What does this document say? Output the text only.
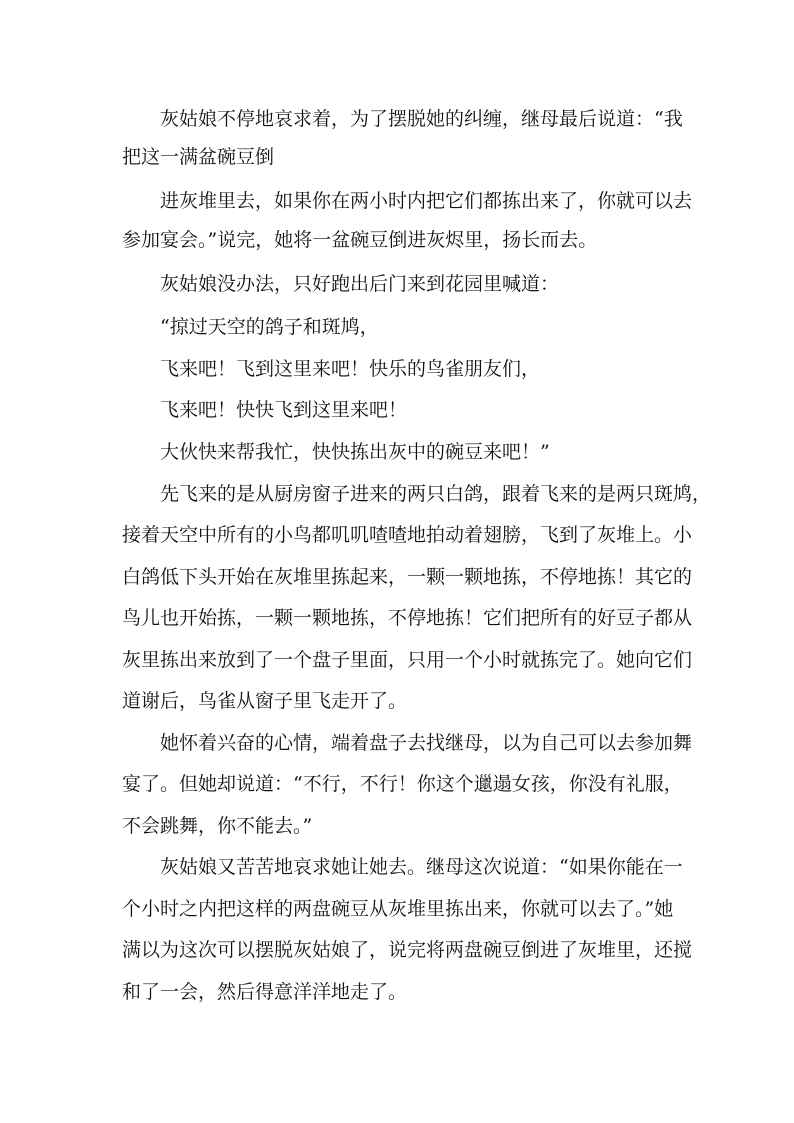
灰姑娘不停地哀求着，为了摆脱她的纠缠，继母最后说道：“我
把这一满盆碗豆倒
进灰堆里去，如果你在两小时内把它们都拣出来了，你就可以去
参加宴会。”说完，她将一盆碗豆倒进灰烬里，扬长而去。
灰姑娘没办法，只好跑出后门来到花园里喊道：
“掠过天空的鸽子和斑鸠，
飞来吧！飞到这里来吧！快乐的鸟雀朋友们，
飞来吧！快快飞到这里来吧！
大伙快来帮我忙，快快拣出灰中的碗豆来吧！”
先飞来的是从厨房窗子进来的两只白鸽，跟着飞来的是两只斑鸠，
接着天空中所有的小鸟都叽叽喳喳地拍动着翅膀，飞到了灰堆上。小
白鸽低下头开始在灰堆里拣起来，一颗一颗地拣，不停地拣！其它的
鸟儿也开始拣，一颗一颗地拣，不停地拣！它们把所有的好豆子都从
灰里拣出来放到了一个盘子里面，只用一个小时就拣完了。她向它们
道谢后，鸟雀从窗子里飞走开了。
她怀着兴奋的心情，端着盘子去找继母，以为自己可以去参加舞
宴了。但她却说道：“不行，不行！你这个邋遢女孩，你没有礼服，
不会跳舞，你不能去。”
灰姑娘又苦苦地哀求她让她去。继母这次说道：“如果你能在一
个小时之内把这样的两盘碗豆从灰堆里拣出来，你就可以去了。”她
满以为这次可以摆脱灰姑娘了，说完将两盘碗豆倒进了灰堆里，还搅
和了一会，然后得意洋洋地走了。
